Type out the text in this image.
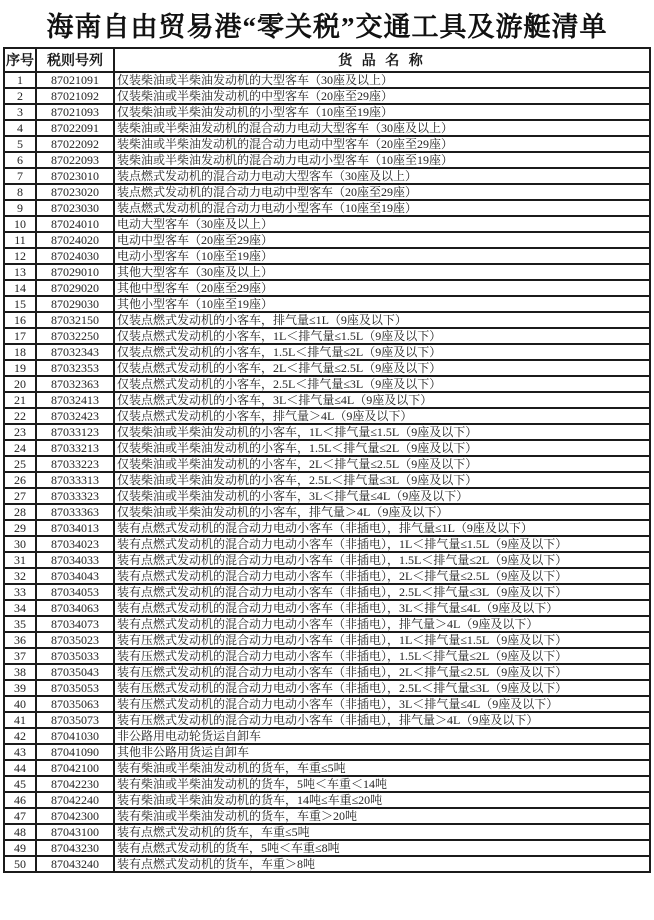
海南自由贸易港“零关税”交通工具及游艇清单
序号	税则号列	货 品 名 称
1	87021091	仅装柴油或半柴油发动机的大型客车（30座及以上）
2	87021092	仅装柴油或半柴油发动机的中型客车（20座至29座）
3	87021093	仅装柴油或半柴油发动机的小型客车（10座至19座）
4	87022091	装柴油或半柴油发动机的混合动力电动大型客车（30座及以上）
5	87022092	装柴油或半柴油发动机的混合动力电动中型客车（20座至29座）
6	87022093	装柴油或半柴油发动机的混合动力电动小型客车（10座至19座）
7	87023010	装点燃式发动机的混合动力电动大型客车（30座及以上）
8	87023020	装点燃式发动机的混合动力电动中型客车（20座至29座）
9	87023030	装点燃式发动机的混合动力电动小型客车（10座至19座）
10	87024010	电动大型客车（30座及以上）
11	87024020	电动中型客车（20座至29座）
12	87024030	电动小型客车（10座至19座）
13	87029010	其他大型客车（30座及以上）
14	87029020	其他中型客车（20座至29座）
15	87029030	其他小型客车（10座至19座）
16	87032150	仅装点燃式发动机的小客车，排气量≤1L（9座及以下）
17	87032250	仅装点燃式发动机的小客车，1L＜排气量≤1.5L（9座及以下）
18	87032343	仅装点燃式发动机的小客车，1.5L＜排气量≤2L（9座及以下）
19	87032353	仅装点燃式发动机的小客车，2L＜排气量≤2.5L（9座及以下）
20	87032363	仅装点燃式发动机的小客车，2.5L＜排气量≤3L（9座及以下）
21	87032413	仅装点燃式发动机的小客车，3L＜排气量≤4L（9座及以下）
22	87032423	仅装点燃式发动机的小客车，排气量＞4L（9座及以下）
23	87033123	仅装柴油或半柴油发动机的小客车，1L＜排气量≤1.5L（9座及以下）
24	87033213	仅装柴油或半柴油发动机的小客车，1.5L＜排气量≤2L（9座及以下）
25	87033223	仅装柴油或半柴油发动机的小客车，2L＜排气量≤2.5L（9座及以下）
26	87033313	仅装柴油或半柴油发动机的小客车，2.5L＜排气量≤3L（9座及以下）
27	87033323	仅装柴油或半柴油发动机的小客车，3L＜排气量≤4L（9座及以下）
28	87033363	仅装柴油或半柴油发动机的小客车，排气量＞4L（9座及以下）
29	87034013	装有点燃式发动机的混合动力电动小客车（非插电），排气量≤1L（9座及以下）
30	87034023	装有点燃式发动机的混合动力电动小客车（非插电），1L＜排气量≤1.5L（9座及以下）
31	87034033	装有点燃式发动机的混合动力电动小客车（非插电），1.5L＜排气量≤2L（9座及以下）
32	87034043	装有点燃式发动机的混合动力电动小客车（非插电），2L＜排气量≤2.5L（9座及以下）
33	87034053	装有点燃式发动机的混合动力电动小客车（非插电），2.5L＜排气量≤3L（9座及以下）
34	87034063	装有点燃式发动机的混合动力电动小客车（非插电），3L＜排气量≤4L（9座及以下）
35	87034073	装有点燃式发动机的混合动力电动小客车（非插电），排气量＞4L（9座及以下）
36	87035023	装有压燃式发动机的混合动力电动小客车（非插电），1L＜排气量≤1.5L（9座及以下）
37	87035033	装有压燃式发动机的混合动力电动小客车（非插电），1.5L＜排气量≤2L（9座及以下）
38	87035043	装有压燃式发动机的混合动力电动小客车（非插电），2L＜排气量≤2.5L（9座及以下）
39	87035053	装有压燃式发动机的混合动力电动小客车（非插电），2.5L＜排气量≤3L（9座及以下）
40	87035063	装有压燃式发动机的混合动力电动小客车（非插电），3L＜排气量≤4L（9座及以下）
41	87035073	装有压燃式发动机的混合动力电动小客车（非插电），排气量＞4L（9座及以下）
42	87041030	非公路用电动轮货运自卸车
43	87041090	其他非公路用货运自卸车
44	87042100	装有柴油或半柴油发动机的货车，车重≤5吨
45	87042230	装有柴油或半柴油发动机的货车，5吨＜车重＜14吨
46	87042240	装有柴油或半柴油发动机的货车，14吨≤车重≤20吨
47	87042300	装有柴油或半柴油发动机的货车，车重＞20吨
48	87043100	装有点燃式发动机的货车，车重≤5吨
49	87043230	装有点燃式发动机的货车，5吨＜车重≤8吨
50	87043240	装有点燃式发动机的货车，车重＞8吨
